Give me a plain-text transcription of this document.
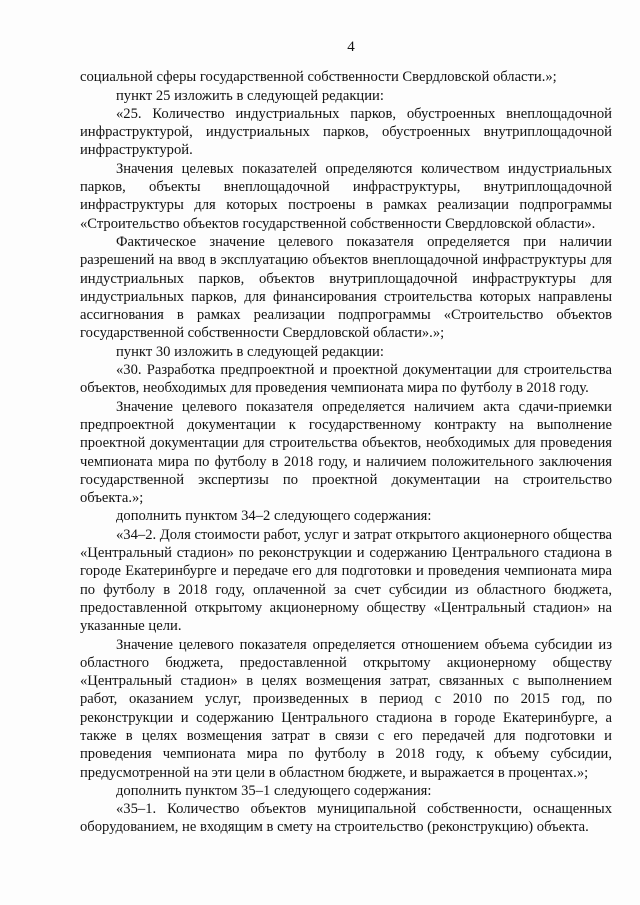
4

социальной сферы государственной собственности Свердловской области.»;

пункт 25 изложить в следующей редакции:

«25. Количество индустриальных парков, обустроенных внеплощадочной инфраструктурой, индустриальных парков, обустроенных внутриплощадочной инфраструктурой.

Значения целевых показателей определяются количеством индустриальных парков, объекты внеплощадочной инфраструктуры, внутриплощадочной инфраструктуры для которых построены в рамках реализации подпрограммы «Строительство объектов государственной собственности Свердловской области».

Фактическое значение целевого показателя определяется при наличии разрешений на ввод в эксплуатацию объектов внеплощадочной инфраструктуры для индустриальных парков, объектов внутриплощадочной инфраструктуры для индустриальных парков, для финансирования строительства которых направлены ассигнования в рамках реализации подпрограммы «Строительство объектов государственной собственности Свердловской области».»;

пункт 30 изложить в следующей редакции:

«30. Разработка предпроектной и проектной документации для строительства объектов, необходимых для проведения чемпионата мира по футболу в 2018 году.

Значение целевого показателя определяется наличием акта сдачи-приемки предпроектной документации к государственному контракту на выполнение проектной документации для строительства объектов, необходимых для проведения чемпионата мира по футболу в 2018 году, и наличием положительного заключения государственной экспертизы по проектной документации на строительство объекта.»;

дополнить пунктом 34–2 следующего содержания:

«34–2. Доля стоимости работ, услуг и затрат открытого акционерного общества «Центральный стадион» по реконструкции и содержанию Центрального стадиона в городе Екатеринбурге и передаче его для подготовки и проведения чемпионата мира по футболу в 2018 году, оплаченной за счет субсидии из областного бюджета, предоставленной открытому акционерному обществу «Центральный стадион» на указанные цели.

Значение целевого показателя определяется отношением объема субсидии из областного бюджета, предоставленной открытому акционерному обществу «Центральный стадион» в целях возмещения затрат, связанных с выполнением работ, оказанием услуг, произведенных в период с 2010 по 2015 год, по реконструкции и содержанию Центрального стадиона в городе Екатеринбурге, а также в целях возмещения затрат в связи с его передачей для подготовки и проведения чемпионата мира по футболу в 2018 году, к объему субсидии, предусмотренной на эти цели в областном бюджете, и выражается в процентах.»;

дополнить пунктом 35–1 следующего содержания:

«35–1. Количество объектов муниципальной собственности, оснащенных оборудованием, не входящим в смету на строительство (реконструкцию) объекта.
